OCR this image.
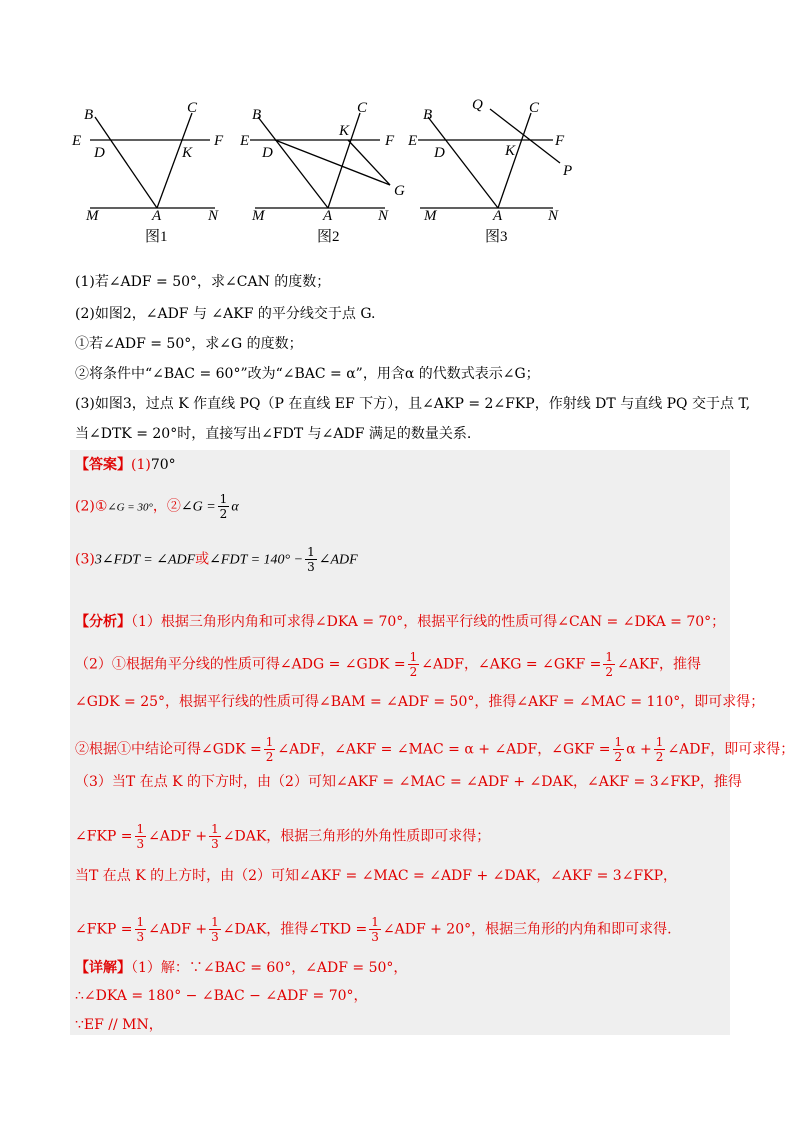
B	C
E	F
D	K
M	A	N
图1
B	C
E	F
D
K
G
M	A	N
图2
Q	C
B
E	F
D	K
P
M	A	N
图3
(1)若∠ADF = 50°，求∠CAN 的度数；
(2)如图2，∠ADF 与 ∠AKF 的平分线交于点 G.
①若∠ADF = 50°，求∠G 的度数；
②将条件中“∠BAC = 60°”改为“∠BAC = α”，用含α 的代数式表示∠G；
(3)如图3，过点 K 作直线 PQ（P 在直线 EF 下方），且∠AKP = 2∠FKP，作射线 DT 与直线 PQ 交于点 T,
当∠DTK = 20°时，直接写出∠FDT 与∠ADF 满足的数量关系.
【答案】(1)70°
(2)①∠G = 30°，②∠G = $\frac{1}{2}$ α
(3)3∠FDT = ∠ADF或∠FDT = $140^\circ - \frac{1}{3}$ ∠ADF
【分析】（1）根据三角形内角和可求得∠DKA = 70°，根据平行线的性质可得∠CAN = ∠DKA = 70°；
（2）①根据角平分线的性质可得∠ADG = ∠GDK = $\frac{1}{2}$ ∠ADF，∠AKG = ∠GKF = $\frac{1}{2}$ ∠AKF，推得
∠GDK = 25°，根据平行线的性质可得∠BAM = ∠ADF = 50°，推得∠AKF = ∠MAC = 110°，即可求得；
②根据①中结论可得∠GDK = $\frac{1}{2}$ ∠ADF，∠AKF = ∠MAC = α + ∠ADF，∠GKF = $\frac{1}{2}$ $\alpha + \frac{1}{2}$ ∠ADF，即可求得；
（3）当T 在点 K 的下方时，由（2）可知∠AKF = ∠MAC = ∠ADF + ∠DAK，∠AKF = 3∠FKP，推得
∠FKP = $\frac{1}{3}$ ∠ADF + $\frac{1}{3}$ ∠DAK，根据三角形的外角性质即可求得；
当T 在点 K 的上方时，由（2）可知∠AKF = ∠MAC = ∠ADF + ∠DAK，∠AKF = 3∠FKP，
∠FKP = $\frac{1}{3}$ ∠ADF + $\frac{1}{3}$ ∠DAK，推得∠TKD = $\frac{1}{3}$ ∠ADF + 20°，根据三角形的内角和即可求得.
【详解】（1）解：∵∠BAC = 60°，∠ADF = 50°，
∴∠DKA = 180° − ∠BAC − ∠ADF = 70°，
∵EF // MN，
